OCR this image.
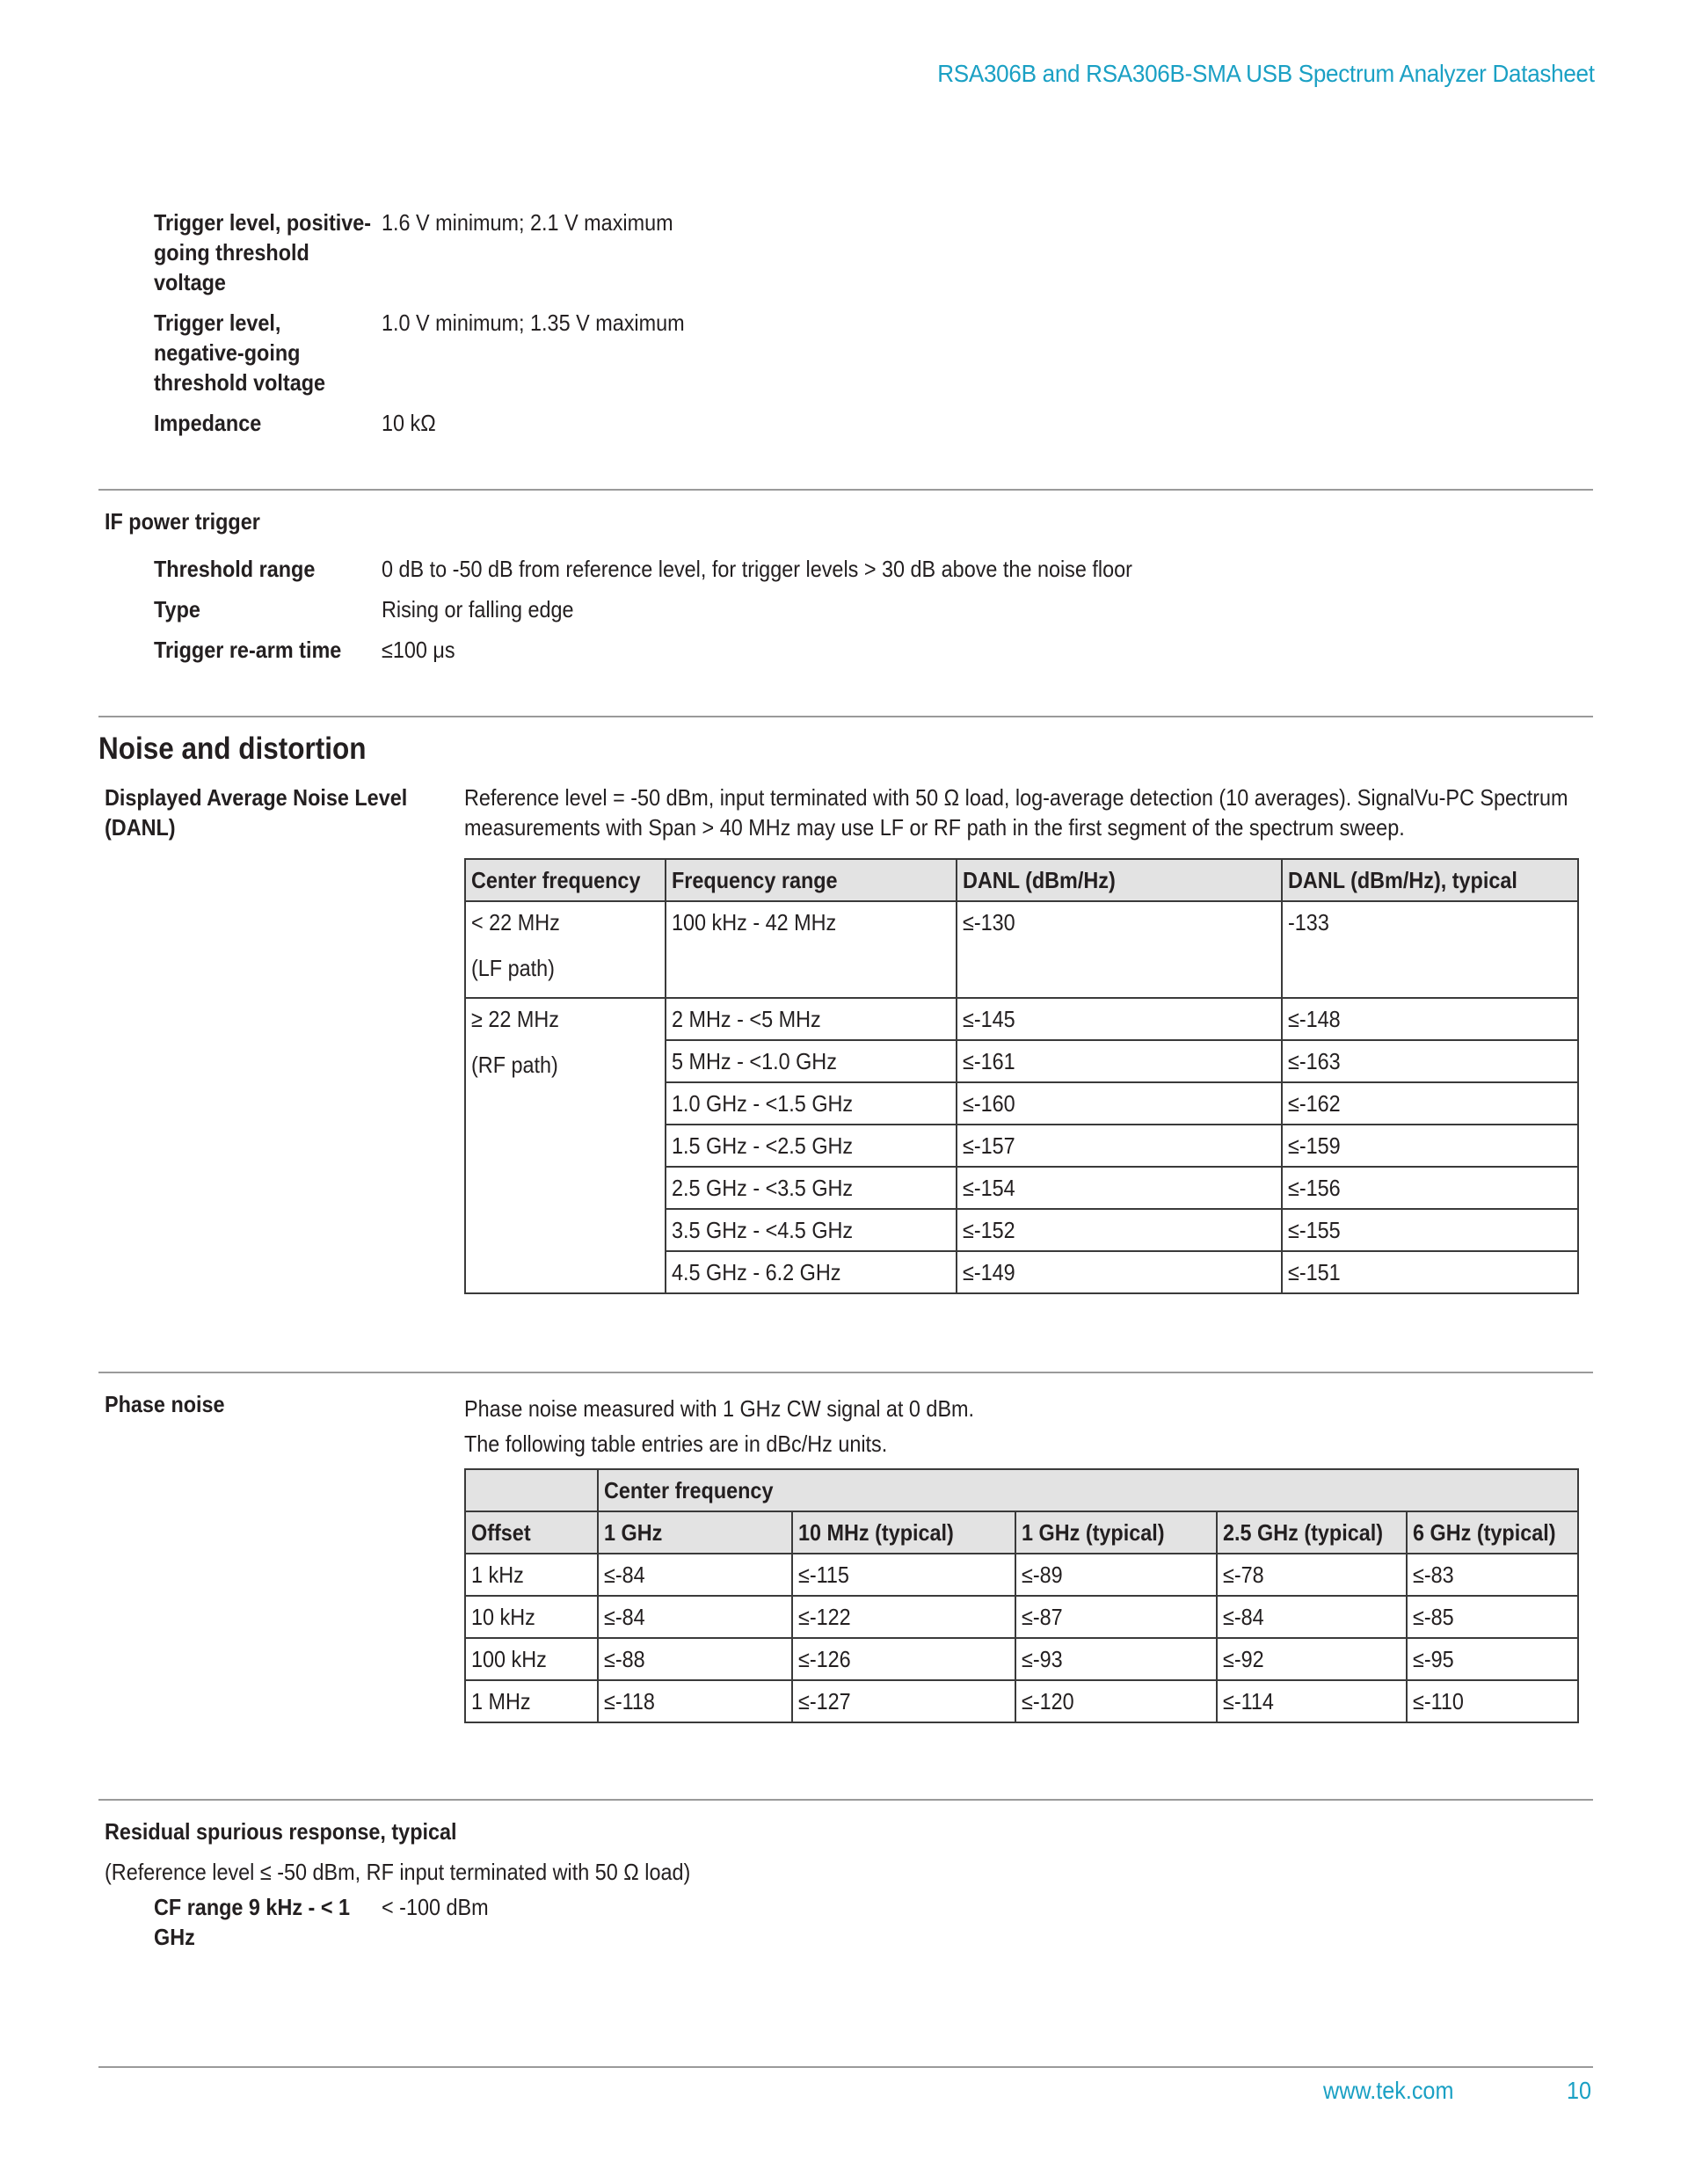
RSA306B and RSA306B-SMA USB Spectrum Analyzer Datasheet
Trigger level, positive-
going threshold
voltage
1.6 V minimum; 2.1 V maximum
Trigger level,
negative-going
threshold voltage
1.0 V minimum; 1.35 V maximum
Impedance	10 kΩ
IF power trigger
Threshold range	0 dB to -50 dB from reference level, for trigger levels > 30 dB above the noise floor
Type	Rising or falling edge
Trigger re-arm time	≤100 μs
Noise and distortion
Displayed Average Noise Level
(DANL)
Reference level = -50 dBm, input terminated with 50 Ω load, log-average detection (10 averages). SignalVu-PC Spectrum
measurements with Span > 40 MHz may use LF or RF path in the first segment of the spectrum sweep.
Center frequency	Frequency range	DANL (dBm/Hz)	DANL (dBm/Hz), typical

< 22 MHz
(LF path)	100 kHz - 42 MHz	≤-130	-133

≥ 22 MHz
(RF path)	2 MHz - <5 MHz	≤-145	≤-148
	5 MHz - <1.0 GHz	≤-161	≤-163
	1.0 GHz - <1.5 GHz	≤-160	≤-162
	1.5 GHz - <2.5 GHz	≤-157	≤-159
	2.5 GHz - <3.5 GHz	≤-154	≤-156
	3.5 GHz - <4.5 GHz	≤-152	≤-155
	4.5 GHz - 6.2 GHz	≤-149	≤-151
Phase noise	Phase noise measured with 1 GHz CW signal at 0 dBm.
The following table entries are in dBc/Hz units.
	Center frequency				
Offset	1 GHz	10 MHz (typical)	1 GHz (typical)	2.5 GHz (typical)	6 GHz (typical)
1 kHz	≤-84	≤-115	≤-89	≤-78	≤-83
10 kHz	≤-84	≤-122	≤-87	≤-84	≤-85
100 kHz	≤-88	≤-126	≤-93	≤-92	≤-95
1 MHz	≤-118	≤-127	≤-120	≤-114	≤-110
Residual spurious response, typical
(Reference level ≤ -50 dBm, RF input terminated with 50 Ω load)
CF range 9 kHz - < 1
GHz
< -100 dBm
www.tek.com	10
